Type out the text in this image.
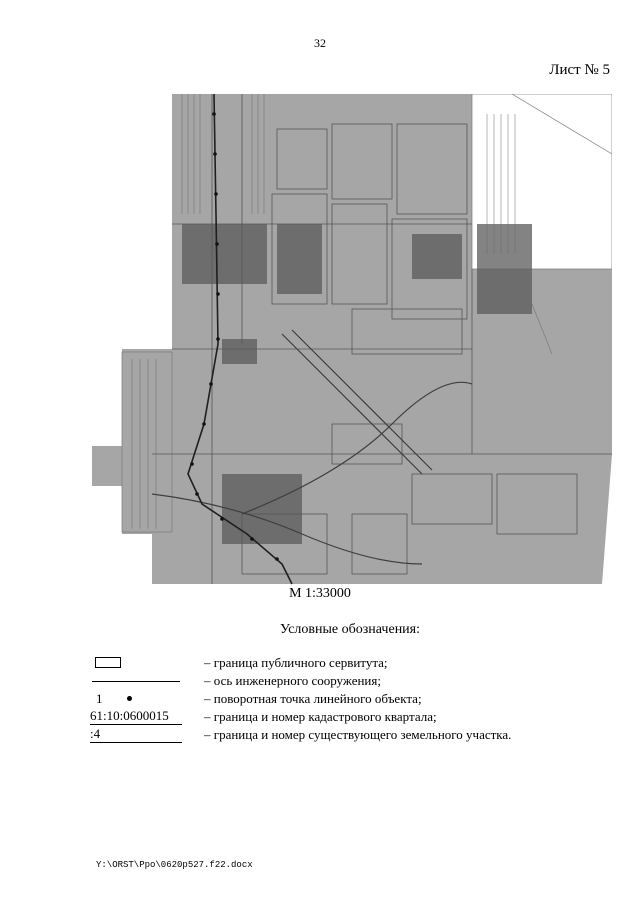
32
Лист № 5
М 1:33000
Условные обозначения:
– граница публичного сервитута;
– ось инженерного сооружения;
1	– поворотная точка линейного объекта;
61:10:0600015	– граница и номер кадастрового квартала;
:4	– граница и номер существующего земельного участка.
Y:\ORST\Ppo\0620p527.f22.docx
